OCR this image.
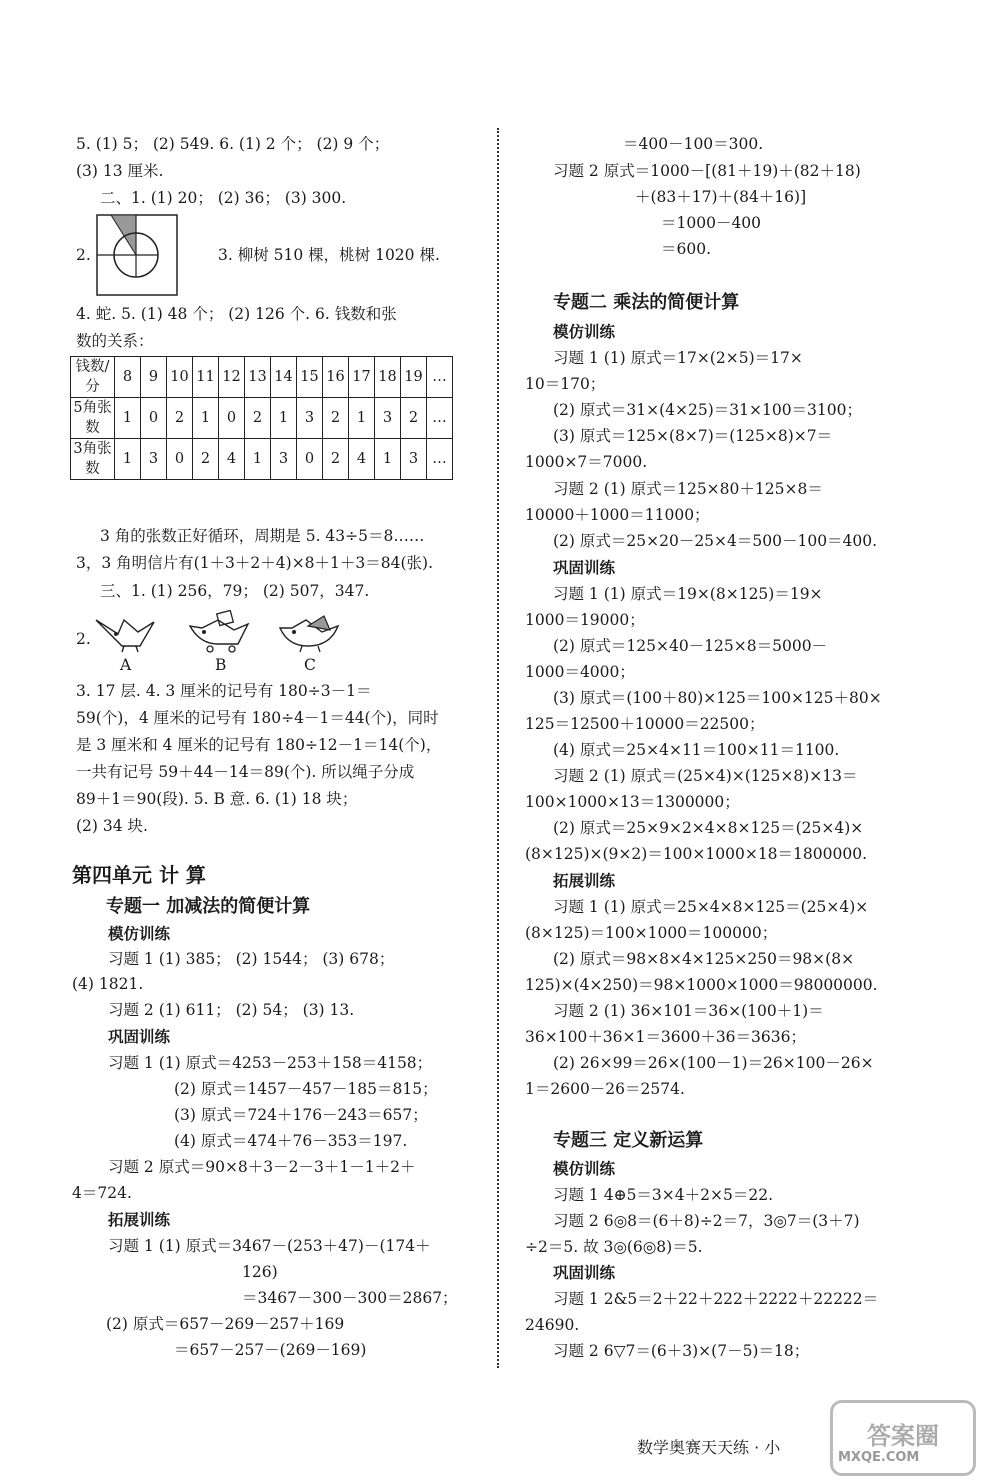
5. (1) 5； (2) 549. 6. (1) 2 个； (2) 9 个；
(3) 13 厘米.
二、1. (1) 20； (2) 36； (3) 300.
2.	3. 柳树 510 棵，桃树 1020 棵.
4. 蛇. 5. (1) 48 个； (2) 126 个. 6. 钱数和张
数的关系：
钱数/分	8	9	10	11	12	13	14	15	16	17	18	19	…
5角张数	1	0	2	1	0	2	1	3	2	1	3	2	…
3角张数	1	3	0	2	4	1	3	0	2	4	1	3	…
3 角的张数正好循环，周期是 5. 43÷5＝8……
3，3 角明信片有(1＋3＋2＋4)×8＋1＋3＝84(张).
三、1. (1) 256，79； (2) 507，347.
2.
A	B	C
3. 17 层. 4. 3 厘米的记号有 180÷3－1＝
59(个)，4 厘米的记号有 180÷4－1＝44(个)，同时
是 3 厘米和 4 厘米的记号有 180÷12－1＝14(个)，
一共有记号 59＋44－14＝89(个). 所以绳子分成
89＋1＝90(段). 5. B 意. 6. (1) 18 块；
(2) 34 块.
第四单元 计 算
专题一 加减法的简便计算
模仿训练
习题 1 (1) 385； (2) 1544； (3) 678；
(4) 1821.
习题 2 (1) 611； (2) 54； (3) 13.
巩固训练
习题 1 (1) 原式＝4253－253＋158＝4158；
(2) 原式＝1457－457－185＝815；
(3) 原式＝724＋176－243＝657；
(4) 原式＝474＋76－353＝197.
习题 2 原式＝90×8＋3－2－3＋1－1＋2＋
4＝724.
拓展训练
习题 1 (1) 原式＝3467－(253＋47)－(174＋
126)
＝3467－300－300＝2867；
(2) 原式＝657－269－257＋169
＝657－257－(269－169)
＝400－100＝300.
习题 2 原式＝1000－[(81＋19)＋(82＋18)
＋(83＋17)＋(84＋16)]
＝1000－400
＝600.
专题二 乘法的简便计算
模仿训练
习题 1 (1) 原式＝17×(2×5)＝17×
10＝170；
(2) 原式＝31×(4×25)＝31×100＝3100；
(3) 原式＝125×(8×7)＝(125×8)×7＝
1000×7＝7000.
习题 2 (1) 原式＝125×80＋125×8＝
10000＋1000＝11000；
(2) 原式＝25×20－25×4＝500－100＝400.
巩固训练
习题 1 (1) 原式＝19×(8×125)＝19×
1000＝19000；
(2) 原式＝125×40－125×8＝5000－
1000＝4000；
(3) 原式＝(100＋80)×125＝100×125＋80×
125＝12500＋10000＝22500；
(4) 原式＝25×4×11＝100×11＝1100.
习题 2 (1) 原式＝(25×4)×(125×8)×13＝
100×1000×13＝1300000；
(2) 原式＝25×9×2×4×8×125＝(25×4)×
(8×125)×(9×2)＝100×1000×18＝1800000.
拓展训练
习题 1 (1) 原式＝25×4×8×125＝(25×4)×
(8×125)＝100×1000＝100000；
(2) 原式＝98×8×4×125×250＝98×(8×
125)×(4×250)＝98×1000×1000＝98000000.
习题 2 (1) 36×101＝36×(100＋1)＝
36×100＋36×1＝3600＋36＝3636；
(2) 26×99＝26×(100－1)＝26×100－26×
1＝2600－26＝2574.
专题三 定义新运算
模仿训练
习题 1 4⊕5＝3×4＋2×5＝22.
习题 2 6◎8＝(6＋8)÷2＝7，3◎7＝(3＋7)
÷2＝5. 故 3◎(6◎8)＝5.
巩固训练
习题 1 2&5＝2＋22＋222＋2222＋22222＝
24690.
习题 2 6▽7＝(6＋3)×(7－5)＝18；
数学奥赛天天练 · 小	答案圈
MXQE.COM
